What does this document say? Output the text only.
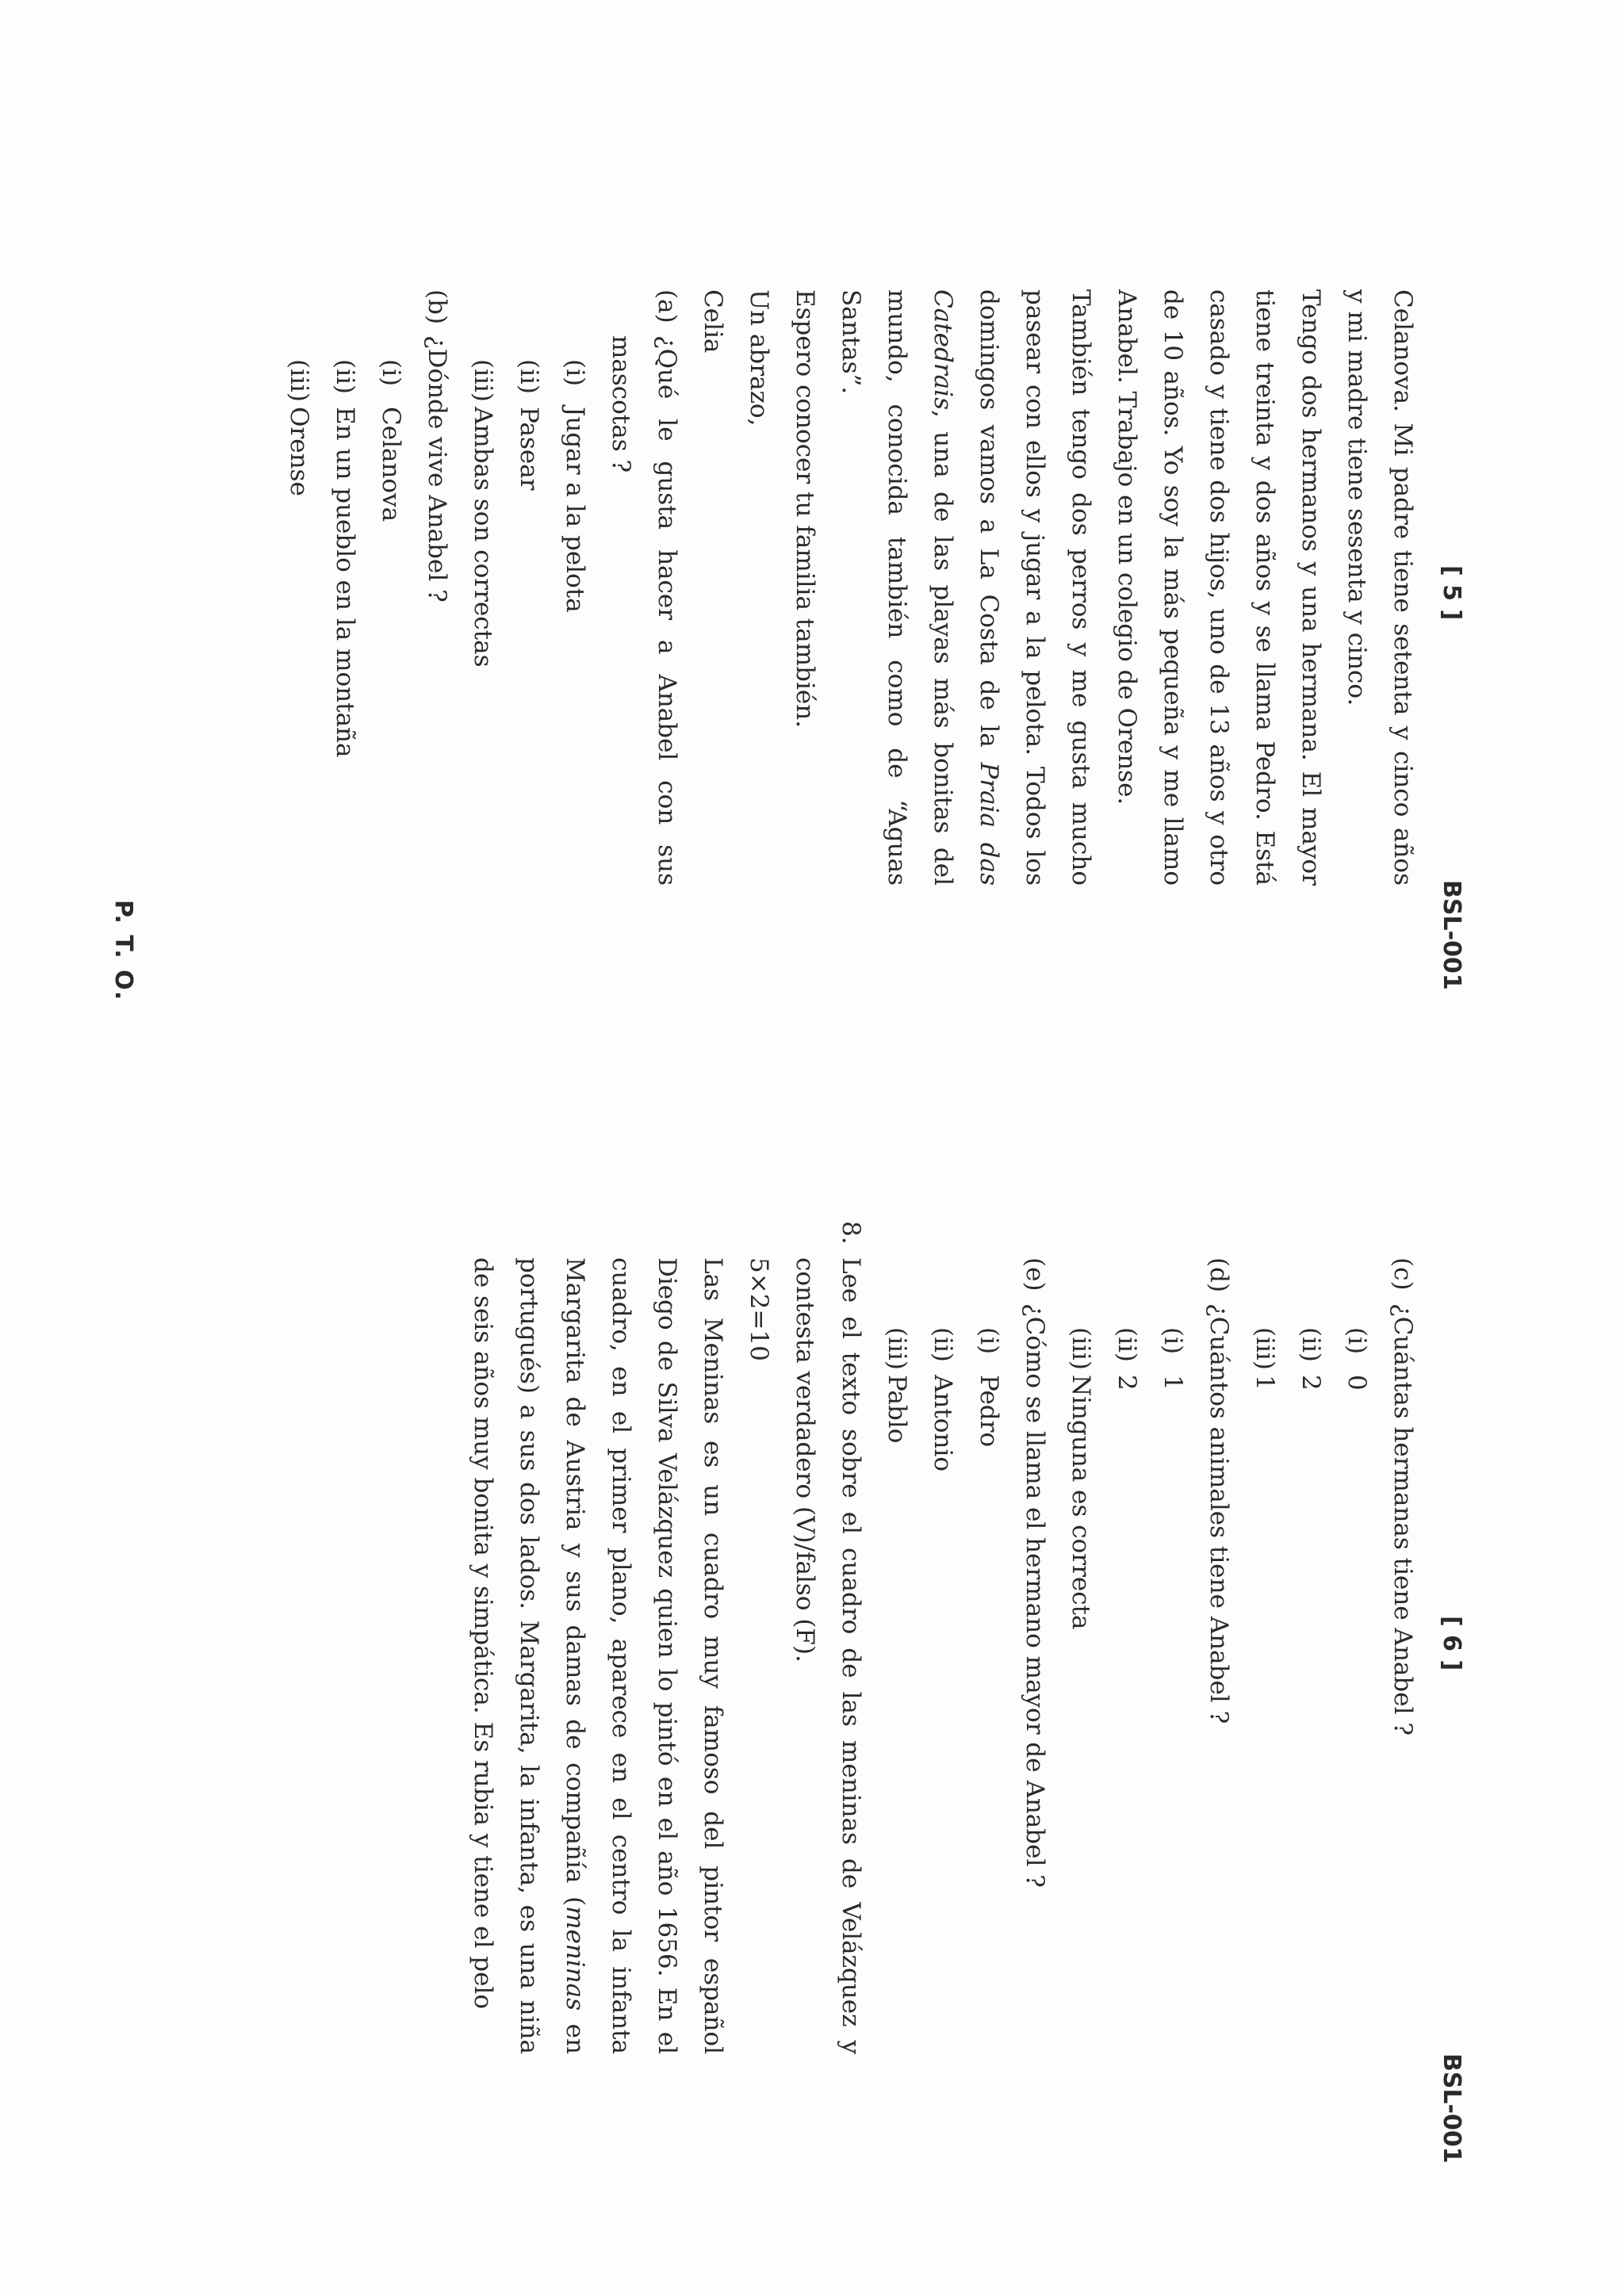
[ 5 ]
BSL-001

Celanova. Mi padre tiene setenta y cinco años y mi madre tiene sesenta y cinco.

Tengo dos hermanos y una hermana. El mayor tiene treinta y dos años y se llama Pedro. Está casado y tiene dos hijos, uno de 13 años y otro de 10 años. Yo soy la más pequeña y me llamo Anabel. Trabajo en un colegio de Orense.

También tengo dos perros y me gusta mucho pasear con ellos y jugar a la pelota. Todos los domingos vamos a La Costa de la Praia das Catedrais, una de las playas más bonitas del mundo, conocida también como de “Aguas Santas”.

Espero conocer tu familia también.

Un abrazo,

Celia

(a)
¿Qué le gusta hacer a Anabel con sus mascotas ?

(i)
Jugar a la pelota

(ii)
Pasear

(iii)
Ambas son correctas

(b)
¿Dónde vive Anabel ?

(i)
Celanova

(ii)
En un pueblo en la montaña

(iii)
Orense

P. T. O.
[ 6 ]
BSL-001

(c)
¿Cuántas hermanas tiene Anabel ?

(i)
0

(ii)
2

(iii)
1

(d)
¿Cuántos animales tiene Anabel ?

(i)
1

(ii)
2

(iii)
Ninguna es correcta

(e)
¿Cómo se llama el hermano mayor de Anabel ?

(i)
Pedro

(ii)
Antonio

(iii)
Pablo

8.
Lee el texto sobre el cuadro de las meninas de Velázquez y contesta verdadero (V)/falso (F).

5×2=10

Las Meninas es un cuadro muy famoso del pintor español Diego de Silva Velázquez quien lo pintó en el año 1656. En el cuadro, en el primer plano, aparece en el centro la infanta Margarita de Austria y sus damas de compañía (meninas en portugués) a sus dos lados. Margarita, la infanta, es una niña de seis años muy bonita y simpática. Es rubia y tiene el pelo
